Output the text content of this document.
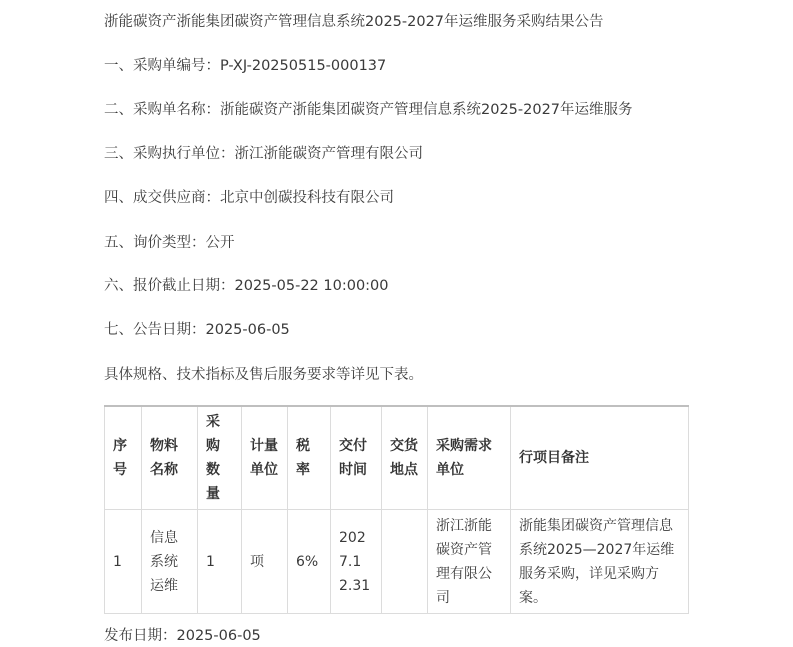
浙能碳资产浙能集团碳资产管理信息系统2025-2027年运维服务采购结果公告
一、采购单编号：P-XJ-20250515-000137
二、采购单名称：浙能碳资产浙能集团碳资产管理信息系统2025-2027年运维服务
三、采购执行单位：浙江浙能碳资产管理有限公司
四、成交供应商：北京中创碳投科技有限公司
五、询价类型：公开
六、报价截止日期：2025-05-22 10:00:00
七、公告日期：2025-06-05
具体规格、技术指标及售后服务要求等详见下表。
序号	物料名称	采购数量	计量单位	税率	交付时间	交货地点	采购需求单位	行项目备注
1	信息系统运维	1	项	6%	2027.12.31		浙江浙能碳资产管理有限公司	浙能集团碳资产管理信息系统2025—2027年运维服务采购，详见采购方案。
发布日期：2025-06-05
